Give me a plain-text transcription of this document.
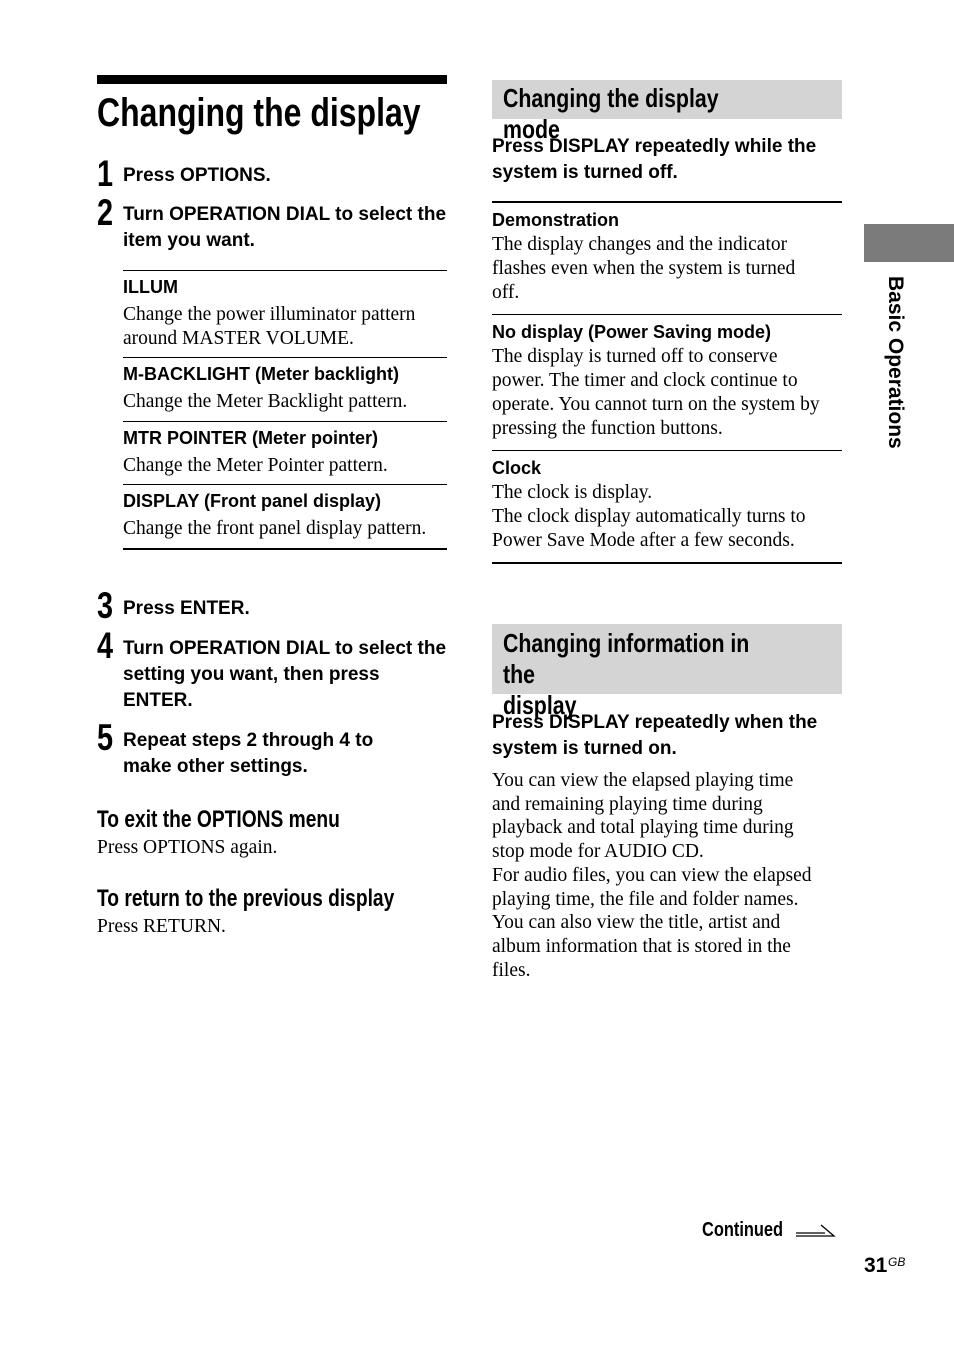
Changing the display
1 Press OPTIONS.
2 Turn OPERATION DIAL to select the item you want.
ILLUM
Change the power illuminator pattern
around MASTER VOLUME.
M-BACKLIGHT (Meter backlight)
Change the Meter Backlight pattern.
MTR POINTER (Meter pointer)
Change the Meter Pointer pattern.
DISPLAY (Front panel display)
Change the front panel display pattern.
3 Press ENTER.
4 Turn OPERATION DIAL to select the setting you want, then press ENTER.
5 Repeat steps 2 through 4 to make other settings.
To exit the OPTIONS menu
Press OPTIONS again.
To return to the previous display
Press RETURN.
Changing the display mode
Press DISPLAY repeatedly while the system is turned off.
Demonstration
The display changes and the indicator
flashes even when the system is turned
off.
No display (Power Saving mode)
The display is turned off to conserve
power. The timer and clock continue to
operate. You cannot turn on the system by
pressing the function buttons.
Clock
The clock is display.
The clock display automatically turns to
Power Save Mode after a few seconds.
Changing information in the
display
Press DISPLAY repeatedly when the system is turned on.
You can view the elapsed playing time
and remaining playing time during
playback and total playing time during
stop mode for AUDIO CD.
For audio files, you can view the elapsed
playing time, the file and folder names.
You can also view the title, artist and
album information that is stored in the
files.
Basic Operations
Continued
31 GB
